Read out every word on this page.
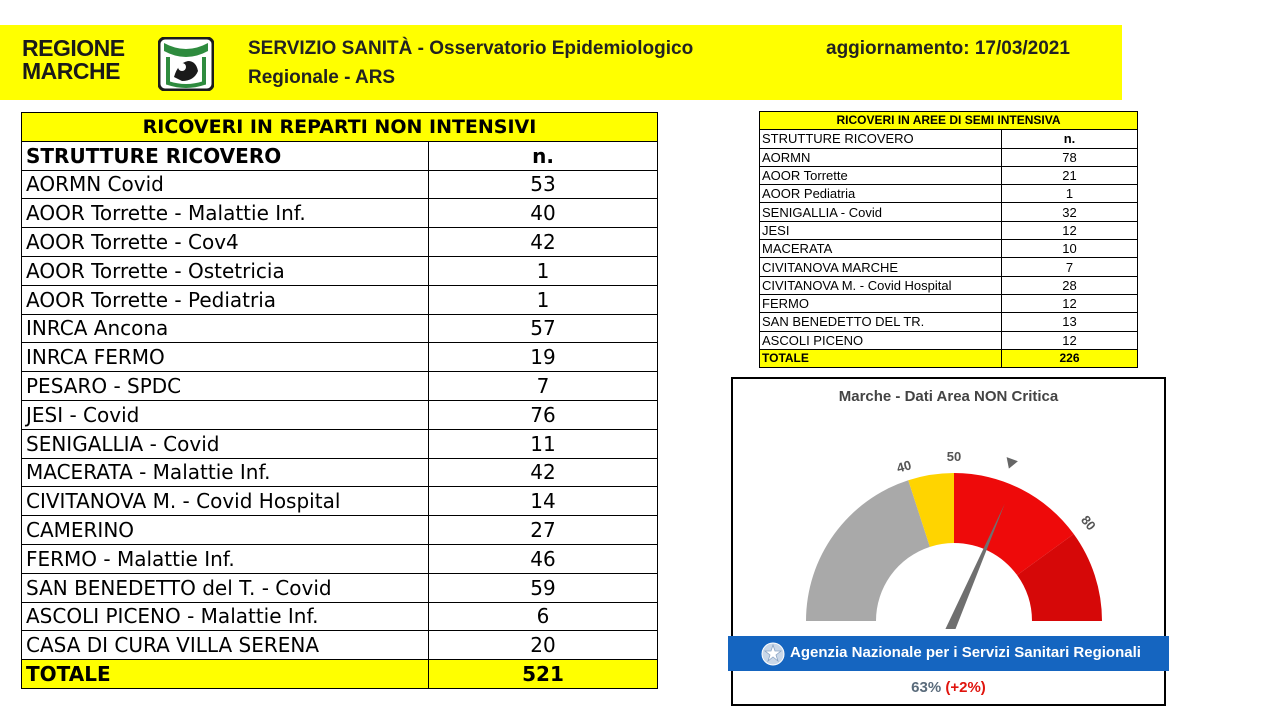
REGIONE
MARCHE
SERVIZIO SANITÀ - Osservatorio Epidemiologico
Regionale - ARS
aggiornamento: 17/03/2021
RICOVERI IN REPARTI NON INTENSIVI	
STRUTTURE RICOVERO	n.
AORMN Covid	53
AOOR Torrette - Malattie Inf.	40
AOOR Torrette - Cov4	42
AOOR Torrette - Ostetricia	1
AOOR Torrette - Pediatria	1
INRCA Ancona	57
INRCA FERMO	19
PESARO - SPDC	7
JESI - Covid	76
SENIGALLIA - Covid	11
MACERATA - Malattie Inf.	42
CIVITANOVA M. - Covid Hospital	14
CAMERINO	27
FERMO - Malattie Inf.	46
SAN BENEDETTO del T. - Covid	59
ASCOLI PICENO - Malattie Inf.	6
CASA DI CURA VILLA SERENA	20
TOTALE	521
RICOVERI IN AREE DI SEMI INTENSIVA	
STRUTTURE RICOVERO	n.
AORMN	78
AOOR Torrette	21
AOOR Pediatria	1
SENIGALLIA - Covid	32
JESI	12
MACERATA	10
CIVITANOVA MARCHE	7
CIVITANOVA M. - Covid Hospital	28
FERMO	12
SAN BENEDETTO DEL TR.	13
ASCOLI PICENO	12
TOTALE	226
Marche - Dati Area NON Critica
40
50
80
Agenzia Nazionale per i Servizi Sanitari Regionali
63% (+2%)
